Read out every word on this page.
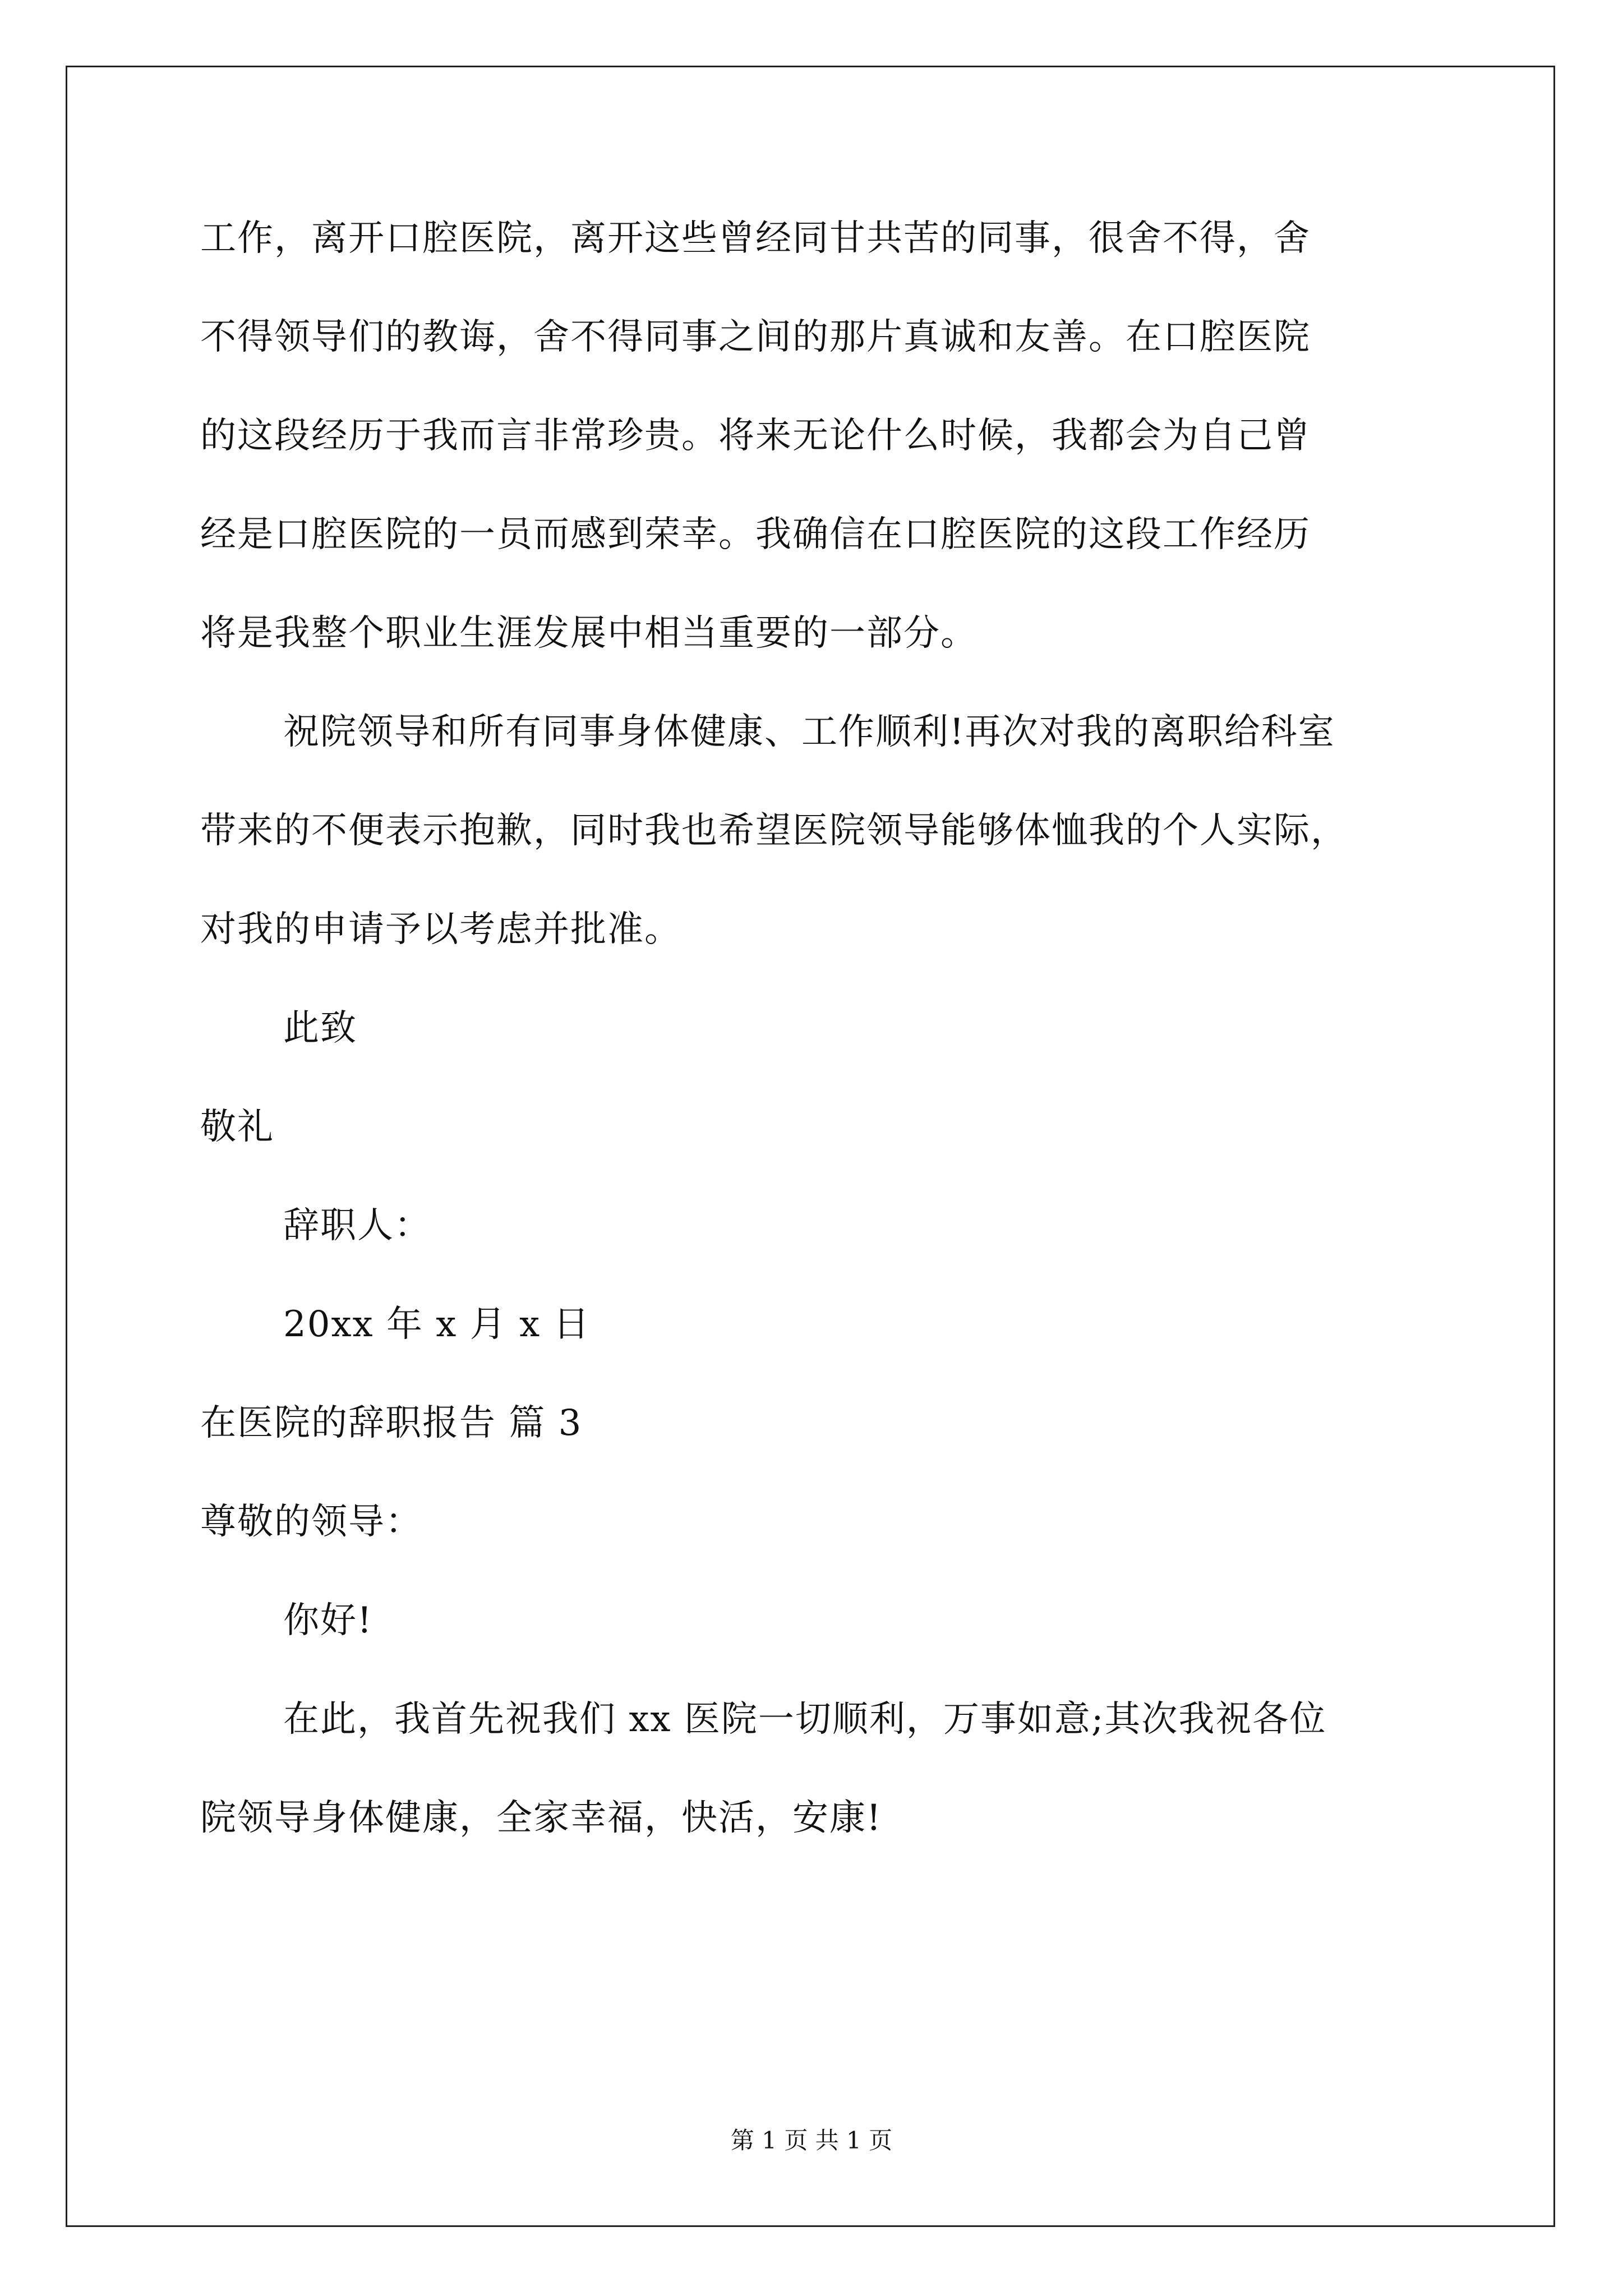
工作，离开口腔医院，离开这些曾经同甘共苦的同事，很舍不得，舍

不得领导们的教诲，舍不得同事之间的那片真诚和友善。在口腔医院

的这段经历于我而言非常珍贵。将来无论什么时候，我都会为自己曾

经是口腔医院的一员而感到荣幸。我确信在口腔医院的这段工作经历

将是我整个职业生涯发展中相当重要的一部分。

祝院领导和所有同事身体健康、工作顺利!再次对我的离职给科室

带来的不便表示抱歉，同时我也希望医院领导能够体恤我的个人实际，

对我的申请予以考虑并批准。

此致

敬礼

辞职人：

20xx 年 x 月 x 日

在医院的辞职报告 篇 3

尊敬的领导：

你好!

在此，我首先祝我们 xx 医院一切顺利，万事如意;其次我祝各位

院领导身体健康，全家幸福，快活，安康!

第 1 页 共 1 页
